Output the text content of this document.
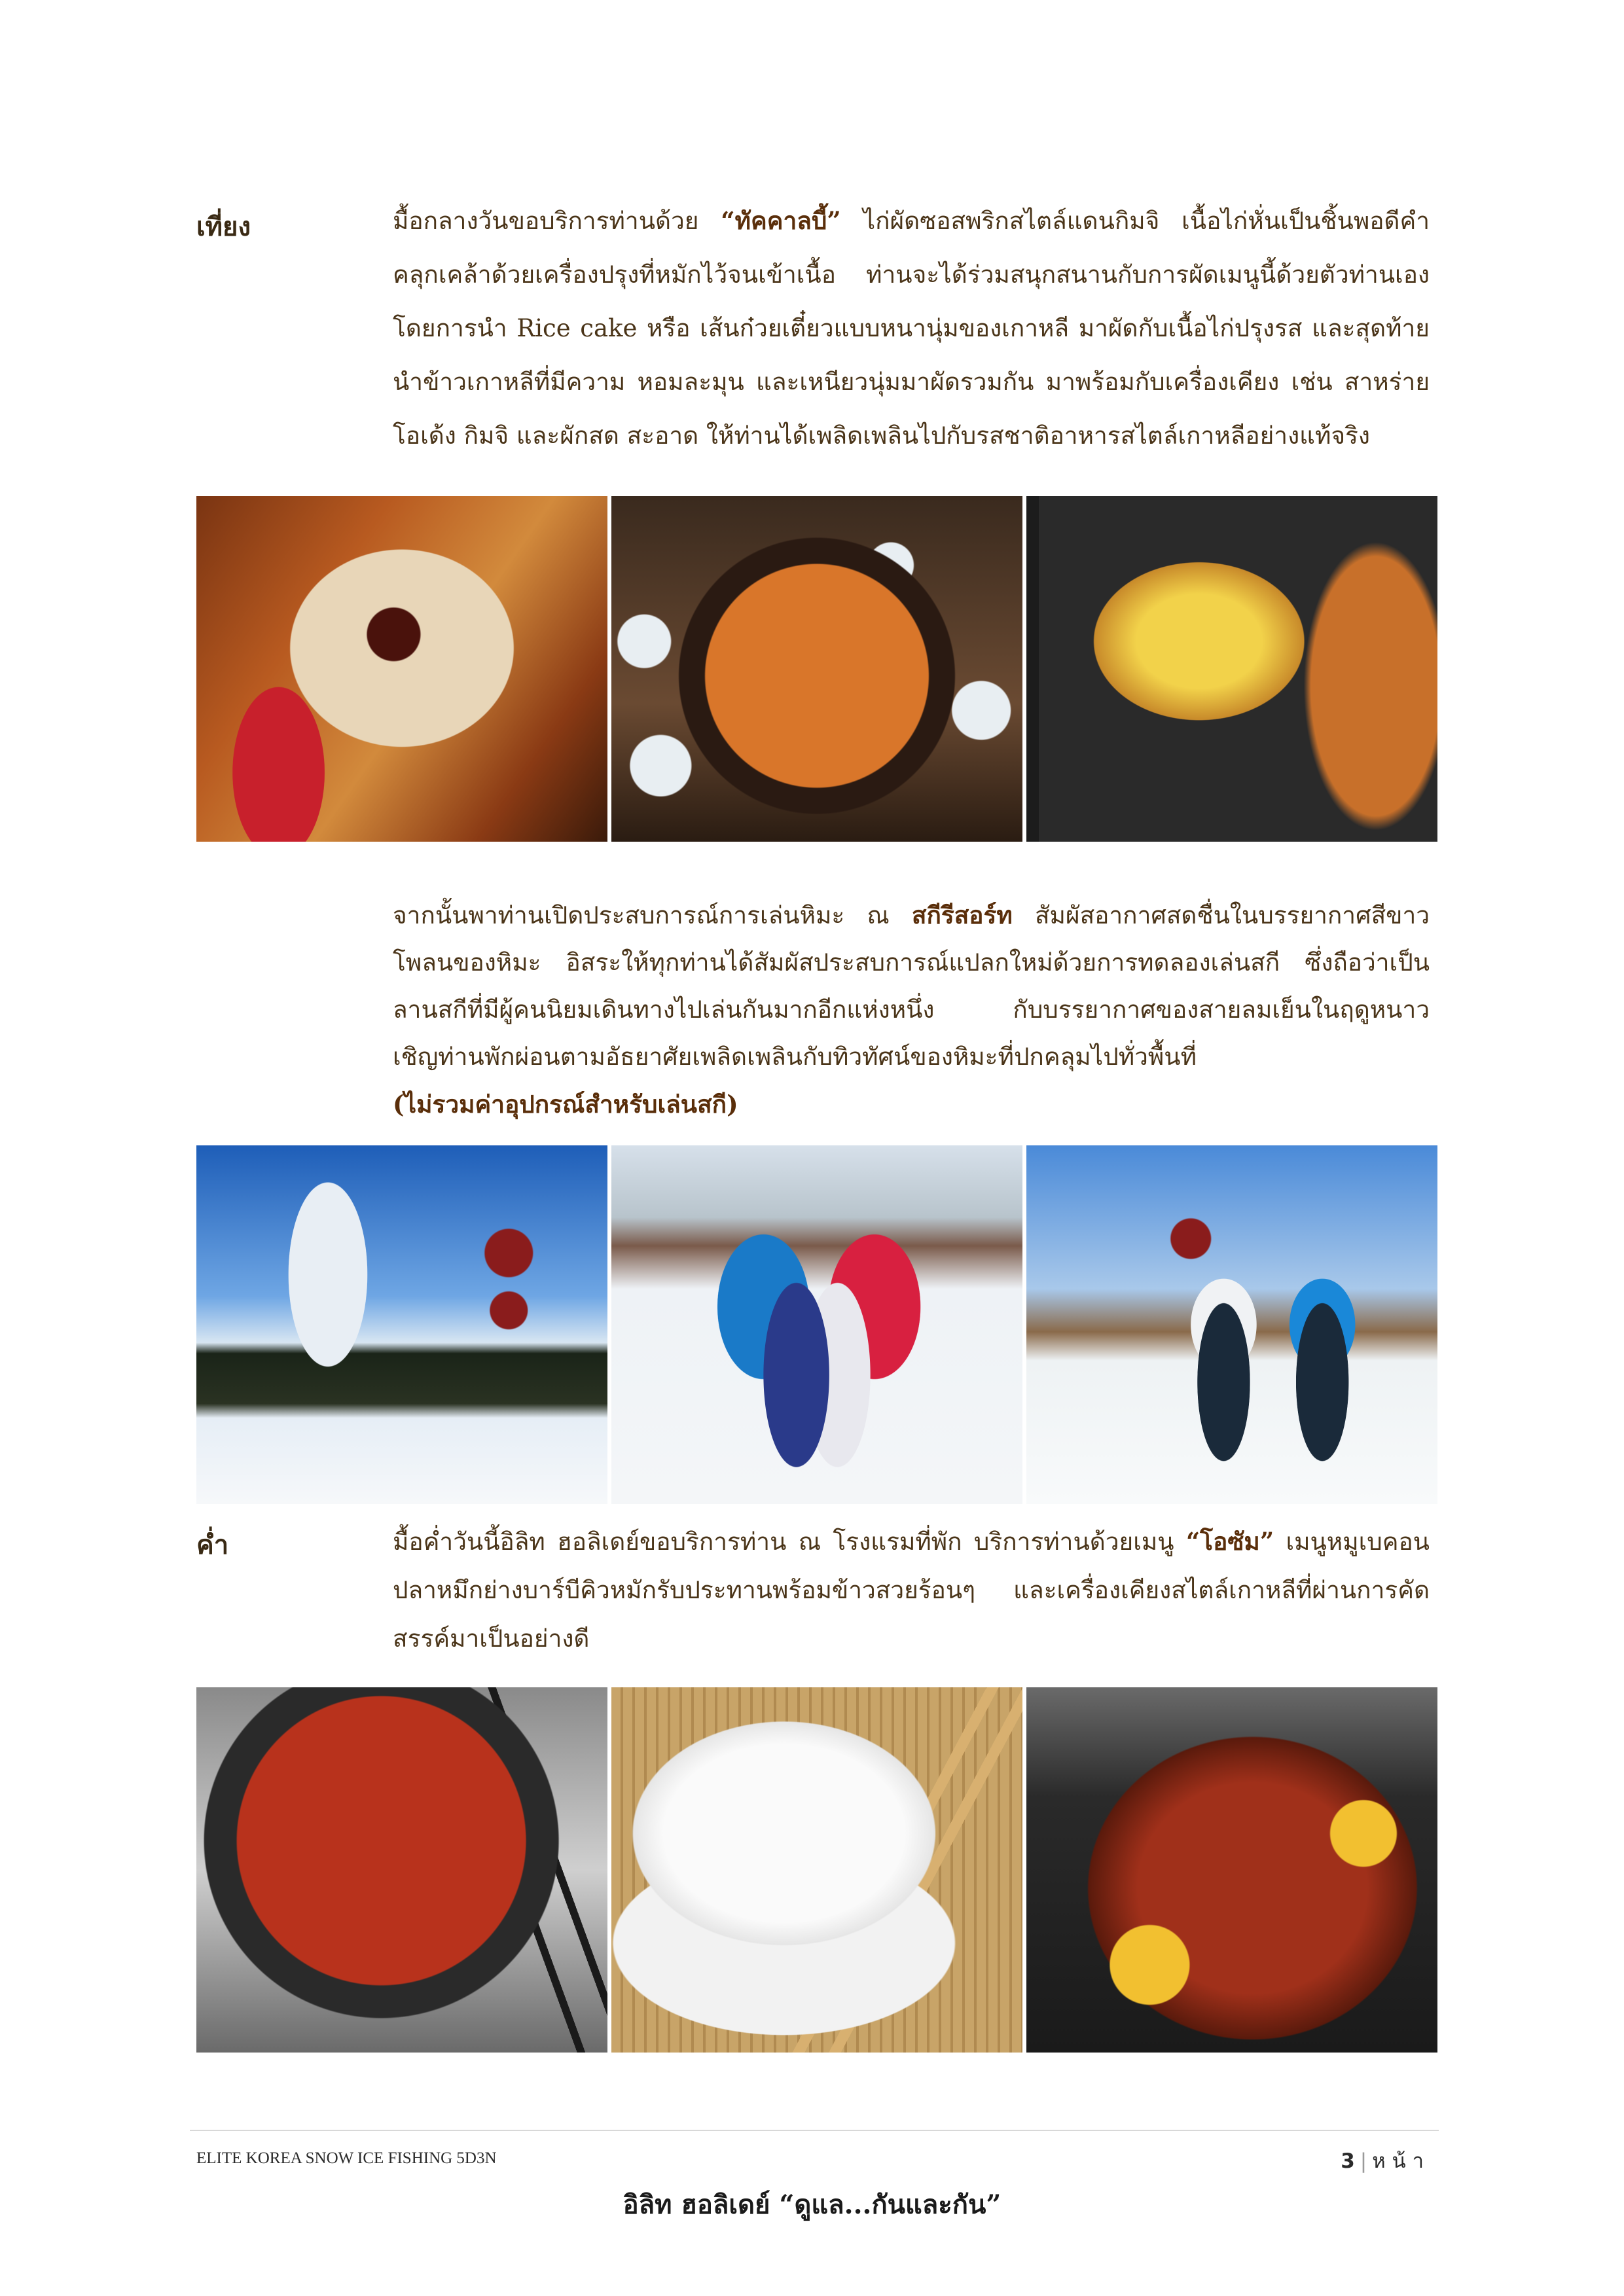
เที่ยง	มื้อกลางวันขอบริการท่านด้วย “ทัคคาลบี้” ไก่ผัดซอสพริกสไตล์แดนกิมจิ เนื้อไก่หั่นเป็นชิ้นพอดีคำ
คลุกเคล้าด้วยเครื่องปรุงที่หมักไว้จนเข้าเนื้อ ท่านจะได้ร่วมสนุกสนานกับการผัดเมนูนี้ด้วยตัวท่านเอง
โดยการนำ Rice cake หรือ เส้นก๋วยเตี๋ยวแบบหนานุ่มของเกาหลี มาผัดกับเนื้อไก่ปรุงรส และสุดท้าย
นำข้าวเกาหลีที่มีความ หอมละมุน และเหนียวนุ่มมาผัดรวมกัน มาพร้อมกับเครื่องเคียง เช่น สาหร่าย
โอเด้ง กิมจิ และผักสด สะอาด ให้ท่านได้เพลิดเพลินไปกับรสชาติอาหารสไตล์เกาหลีอย่างแท้จริง
จากนั้นพาท่านเปิดประสบการณ์การเล่นหิมะ ณ สกีรีสอร์ท สัมผัสอากาศสดชื่นในบรรยากาศสีขาว
โพลนของหิมะ อิสระให้ทุกท่านได้สัมผัสประสบการณ์แปลกใหม่ด้วยการทดลองเล่นสกี ซึ่งถือว่าเป็น
ลานสกีที่มีผู้คนนิยมเดินทางไปเล่นกันมากอีกแห่งหนึ่ง กับบรรยากาศของสายลมเย็นในฤดูหนาว
เชิญท่านพักผ่อนตามอัธยาศัยเพลิดเพลินกับทิวทัศน์ของหิมะที่ปกคลุมไปทั่วพื้นที่
(ไม่รวมค่าอุปกรณ์สำหรับเล่นสกี)
ค่ำ	มื้อค่ำวันนี้อิลิท ฮอลิเดย์ขอบริการท่าน ณ โรงแรมที่พัก บริการท่านด้วยเมนู “โอซัม” เมนูหมูเบคอน
ปลาหมึกย่างบาร์บีคิวหมักรับประทานพร้อมข้าวสวยร้อนๆ และเครื่องเคียงสไตล์เกาหลีที่ผ่านการคัด
สรรค์มาเป็นอย่างดี
ELITE KOREA SNOW ICE FISHING 5D3N	3 | ห น้ า
อิลิท ฮอลิเดย์ “ดูแล...กันและกัน”
